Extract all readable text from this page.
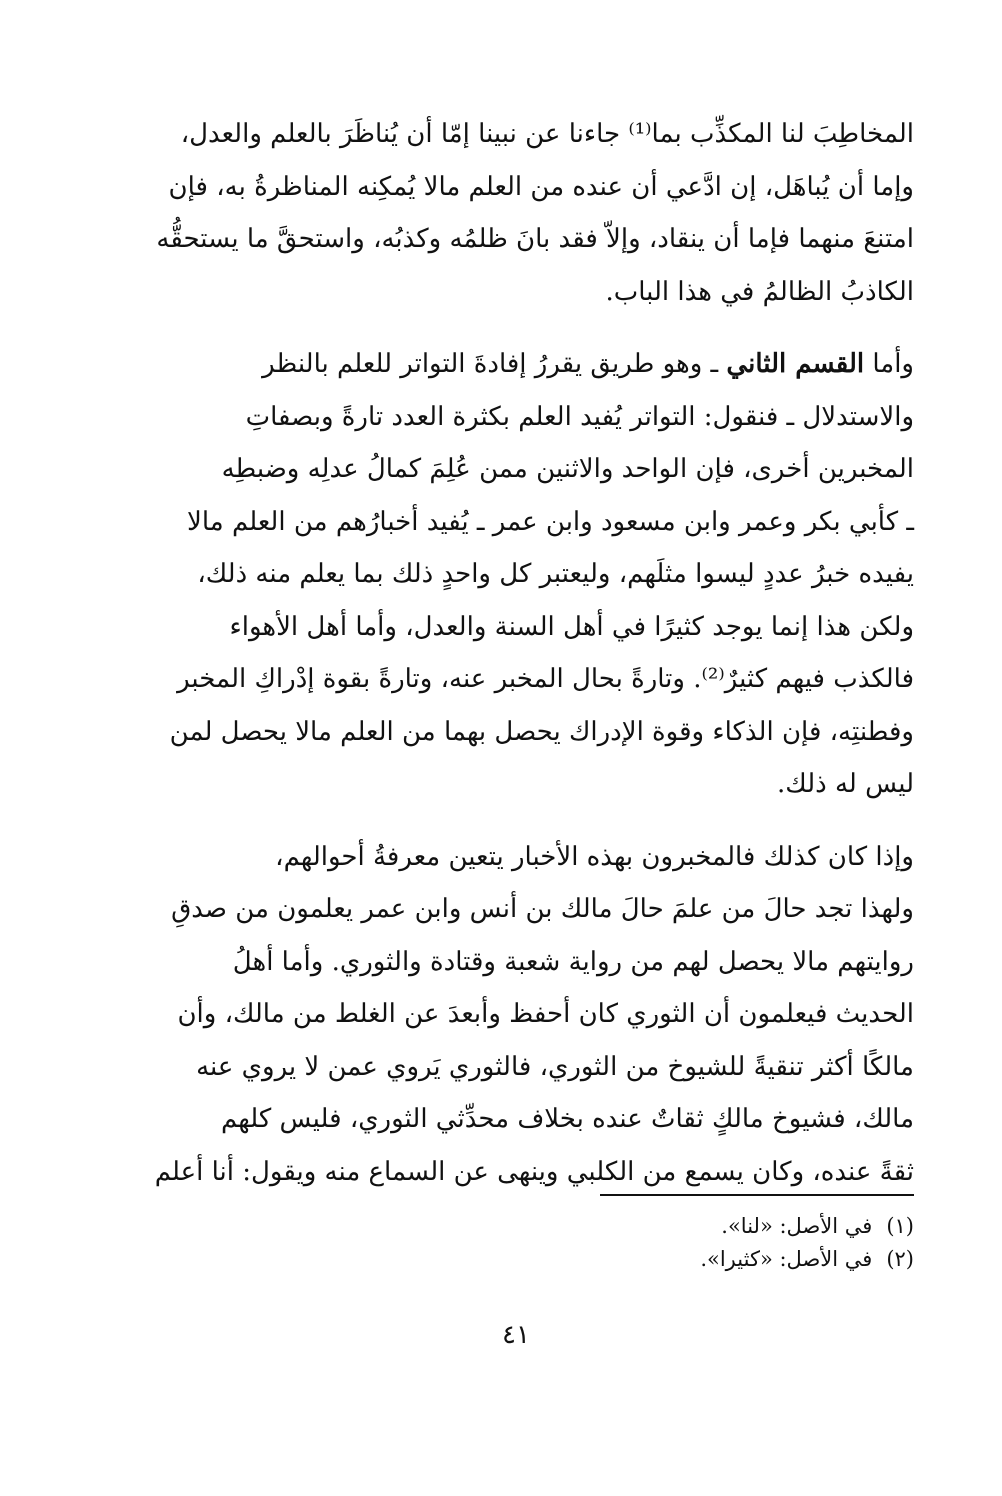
المخاطِبَ لنا المكذِّب بما⁽¹⁾ جاءنا عن نبينا إمّا أن يُناظَرَ بالعلم والعدل،
وإما أن يُباهَل، إن ادَّعي أن عنده من العلم مالا يُمكِنه المناظرةُ به، فإن
امتنعَ منهما فإما أن ينقاد، وإلاّ فقد بانَ ظلمُه وكذبُه، واستحقَّ ما يستحقُّه
الكاذبُ الظالمُ في هذا الباب.

وأما القسم الثاني ـ وهو طريق يقررُ إفادةَ التواتر للعلم بالنظر
والاستدلال ـ فنقول: التواتر يُفيد العلم بكثرة العدد تارةً وبصفاتِ
المخبرين أخرى، فإن الواحد والاثنين ممن عُلِمَ كمالُ عدلِه وضبطِه
ـ كأبي بكر وعمر وابن مسعود وابن عمر ـ يُفيد أخبارُهم من العلم مالا
يفيده خبرُ عددٍ ليسوا مثلَهم، وليعتبر كل واحدٍ ذلك بما يعلم منه ذلك،
ولكن هذا إنما يوجد كثيرًا في أهل السنة والعدل، وأما أهل الأهواء
فالكذب فيهم كثيرٌ⁽²⁾. وتارةً بحال المخبر عنه، وتارةً بقوة إدْراكِ المخبر
وفطنتِه، فإن الذكاء وقوة الإدراك يحصل بهما من العلم مالا يحصل لمن
ليس له ذلك.

وإذا كان كذلك فالمخبرون بهذه الأخبار يتعين معرفةُ أحوالهم،
ولهذا تجد حالَ من علمَ حالَ مالك بن أنس وابن عمر يعلمون من صدقِ
روايتهم مالا يحصل لهم من رواية شعبة وقتادة والثوري. وأما أهلُ
الحديث فيعلمون أن الثوري كان أحفظ وأبعدَ عن الغلط من مالك، وأن
مالكًا أكثر تنقيةً للشيوخ من الثوري، فالثوري يَروي عمن لا يروي عنه
مالك، فشيوخ مالكٍ ثقاتٌ عنده بخلاف محدِّثي الثوري، فليس كلهم
ثقةً عنده، وكان يسمع من الكلبي وينهى عن السماع منه ويقول: أنا أعلم

(١)في الأصل: «لنا».
(٢)في الأصل: «كثيرا».
٤١
